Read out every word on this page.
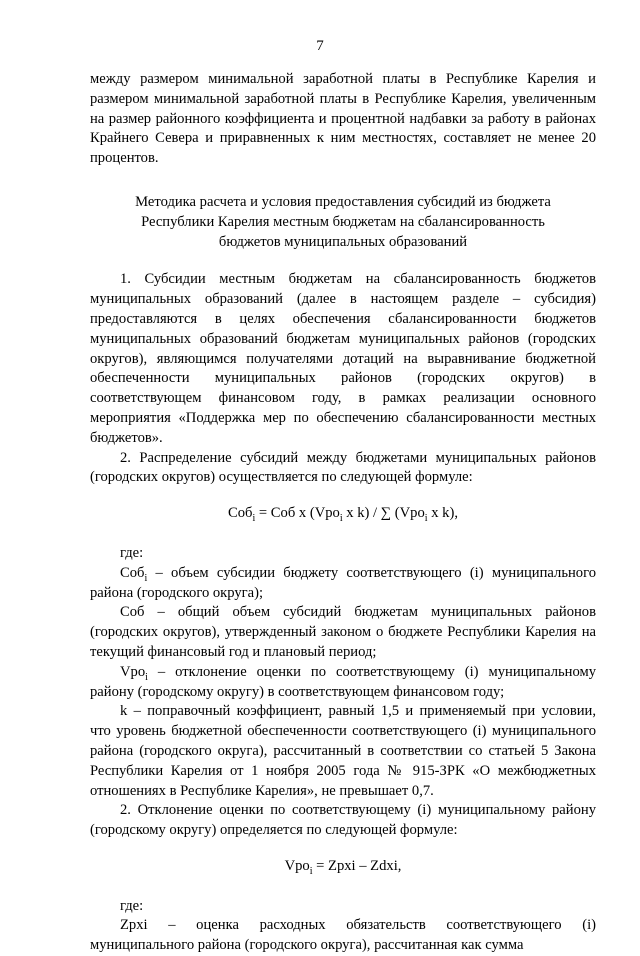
7

между размером минимальной заработной платы в Республике Карелия и размером минимальной заработной платы в Республике Карелия, увеличенным на размер районного коэффициента и процентной надбавки за работу в районах Крайнего Севера и приравненных к ним местностях, составляет не менее 20 процентов.

Методика расчета и условия предоставления субсидий из бюджета
Республики Карелия местным бюджетам на сбалансированность
бюджетов муниципальных образований

1. Субсидии местным бюджетам на сбалансированность бюджетов муниципальных образований (далее в настоящем разделе – субсидия) предоставляются в целях обеспечения сбалансированности бюджетов муниципальных образований бюджетам муниципальных районов (городских округов), являющимся получателями дотаций на выравнивание бюджетной обеспеченности муниципальных районов (городских округов) в соответствующем финансовом году, в рамках реализации основного мероприятия «Поддержка мер по обеспечению сбалансированности местных бюджетов».

2. Распределение субсидий между бюджетами муниципальных районов (городских округов) осуществляется по следующей формуле:

Соб$_i$ = Соб х (Vpo$_i$ х k) / ∑ (Vpo$_i$ х k),

где:

Соб$_i$ – объем субсидии бюджету соответствующего (i) муниципального района (городского округа);

Соб – общий объем субсидий бюджетам муниципальных районов (городских округов), утвержденный законом о бюджете Республики Карелия на текущий финансовый год и плановый период;

Vpo$_i$ – отклонение оценки по соответствующему (i) муниципальному району (городскому округу) в соответствующем финансовом году;

k – поправочный коэффициент, равный 1,5 и применяемый при условии, что уровень бюджетной обеспеченности соответствующего (i) муниципального района (городского округа), рассчитанный в соответствии со статьей 5 Закона Республики Карелия от 1 ноября 2005 года № 915-ЗРК «О межбюджетных отношениях в Республике Карелия», не превышает 0,7.

2. Отклонение оценки по соответствующему (i) муниципальному району (городскому округу) определяется по следующей формуле:

Vpo$_i$ = Zpxi – Zdxi,

где:

Zpxi – оценка расходных обязательств соответствующего (i) муниципального района (городского округа), рассчитанная как сумма
